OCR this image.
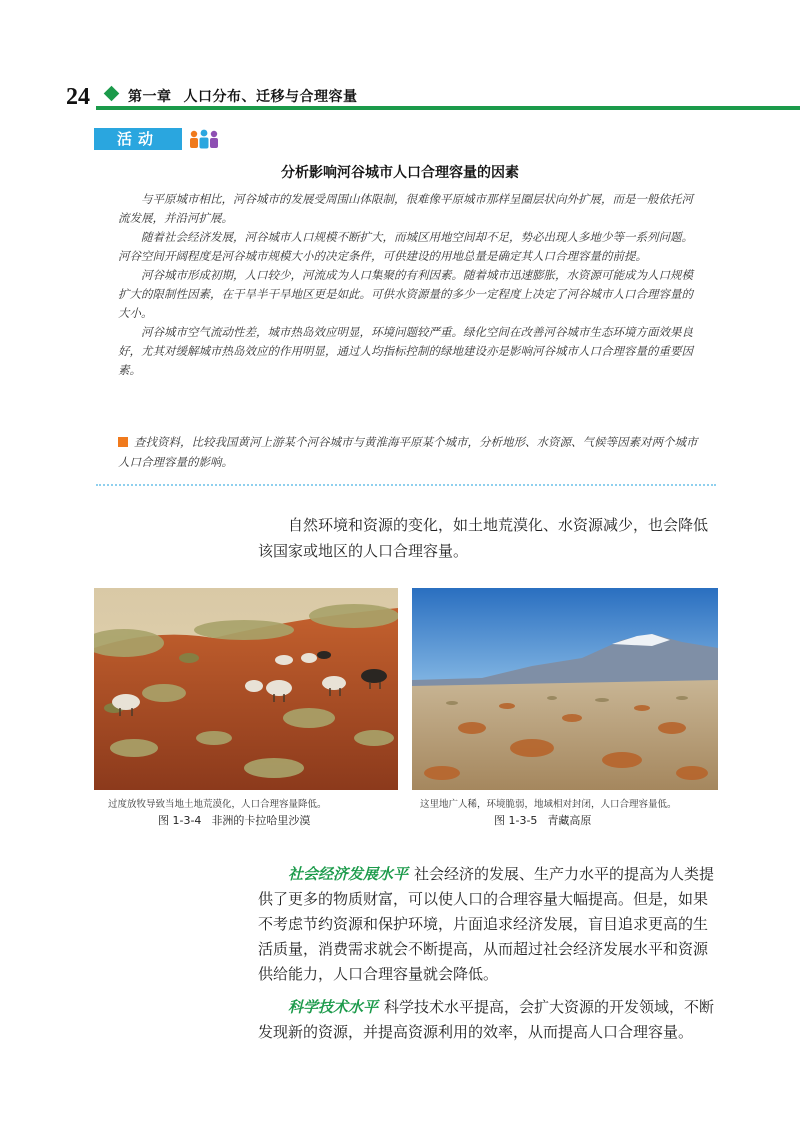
24	第一章 人口分布、迁移与合理容量
活动
分析影响河谷城市人口合理容量的因素

与平原城市相比，河谷城市的发展受周围山体限制，很难像平原城市那样呈圈层状向外扩展，而是一般依托河流发展，并沿河扩展。

随着社会经济发展，河谷城市人口规模不断扩大，而城区用地空间却不足，势必出现人多地少等一系列问题。河谷空间开阔程度是河谷城市规模大小的决定条件，可供建设的用地总量是确定其人口合理容量的前提。

河谷城市形成初期，人口较少，河流成为人口集聚的有利因素。随着城市迅速膨胀，水资源可能成为人口规模扩大的限制性因素，在干旱半干旱地区更是如此。可供水资源量的多少一定程度上决定了河谷城市人口合理容量的大小。

河谷城市空气流动性差，城市热岛效应明显，环境问题较严重。绿化空间在改善河谷城市生态环境方面效果良好，尤其对缓解城市热岛效应的作用明显，通过人均指标控制的绿地建设亦是影响河谷城市人口合理容量的重要因素。

查找资料，比较我国黄河上游某个河谷城市与黄淮海平原某个城市，分析地形、水资源、气候等因素对两个城市人口合理容量的影响。
自然环境和资源的变化，如土地荒漠化、水资源减少，也会降低该国家或地区的人口合理容量。
过度放牧导致当地土地荒漠化，人口合理容量降低。
图 1-3-4 非洲的卡拉哈里沙漠
这里地广人稀，环境脆弱，地域相对封闭，人口合理容量低。
图 1-3-5 青藏高原
社会经济发展水平 社会经济的发展、生产力水平的提高为人类提供了更多的物质财富，可以使人口的合理容量大幅提高。但是，如果不考虑节约资源和保护环境，片面追求经济发展，盲目追求更高的生活质量，消费需求就会不断提高，从而超过社会经济发展水平和资源供给能力，人口合理容量就会降低。
科学技术水平 科学技术水平提高，会扩大资源的开发领域，不断发现新的资源，并提高资源利用的效率，从而提高人口合理容量。
